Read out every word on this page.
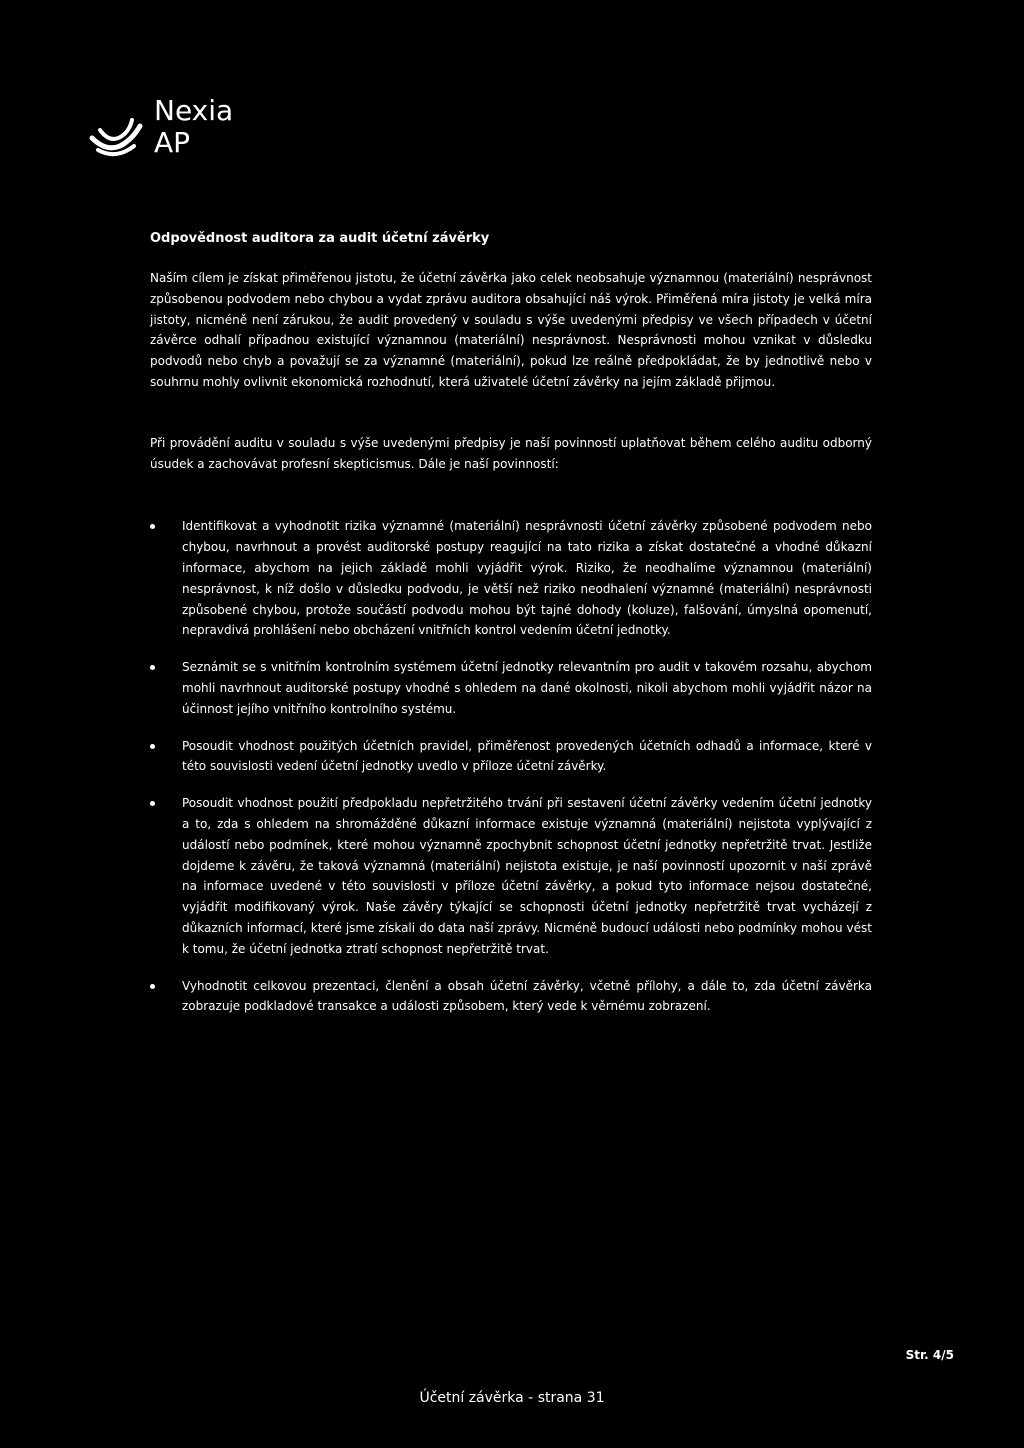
Nexia
AP
Odpovědnost auditora za audit účetní závěrky

Naším cílem je získat přiměřenou jistotu, že účetní závěrka jako celek neobsahuje významnou (materiální) nesprávnost způsobenou podvodem nebo chybou a vydat zprávu auditora obsahující náš výrok. Přiměřená míra jistoty je velká míra jistoty, nicméně není zárukou, že audit provedený v souladu s výše uvedenými předpisy ve všech případech v účetní závěrce odhalí případnou existující významnou (materiální) nesprávnost. Nesprávnosti mohou vznikat v důsledku podvodů nebo chyb a považují se za významné (materiální), pokud lze reálně předpokládat, že by jednotlivě nebo v souhrnu mohly ovlivnit ekonomická rozhodnutí, která uživatelé účetní závěrky na jejím základě přijmou.

Při provádění auditu v souladu s výše uvedenými předpisy je naší povinností uplatňovat během celého auditu odborný úsudek a zachovávat profesní skepticismus. Dále je naší povinností:

Identifikovat a vyhodnotit rizika významné (materiální) nesprávnosti účetní závěrky způsobené podvodem nebo chybou, navrhnout a provést auditorské postupy reagující na tato rizika a získat dostatečné a vhodné důkazní informace, abychom na jejich základě mohli vyjádřit výrok. Riziko, že neodhalíme významnou (materiální) nesprávnost, k níž došlo v důsledku podvodu, je větší než riziko neodhalení významné (materiální) nesprávnosti způsobené chybou, protože součástí podvodu mohou být tajné dohody (koluze), falšování, úmyslná opomenutí, nepravdivá prohlášení nebo obcházení vnitřních kontrol vedením účetní jednotky.
Seznámit se s vnitřním kontrolním systémem účetní jednotky relevantním pro audit v takovém rozsahu, abychom mohli navrhnout auditorské postupy vhodné s ohledem na dané okolnosti, nikoli abychom mohli vyjádřit názor na účinnost jejího vnitřního kontrolního systému.
Posoudit vhodnost použitých účetních pravidel, přiměřenost provedených účetních odhadů a informace, které v této souvislosti vedení účetní jednotky uvedlo v příloze účetní závěrky.
Posoudit vhodnost použití předpokladu nepřetržitého trvání při sestavení účetní závěrky vedením účetní jednotky a to, zda s ohledem na shromážděné důkazní informace existuje významná (materiální) nejistota vyplývající z událostí nebo podmínek, které mohou významně zpochybnit schopnost účetní jednotky nepřetržitě trvat. Jestliže dojdeme k závěru, že taková významná (materiální) nejistota existuje, je naší povinností upozornit v naší zprávě na informace uvedené v této souvislosti v příloze účetní závěrky, a pokud tyto informace nejsou dostatečné, vyjádřit modifikovaný výrok. Naše závěry týkající se schopnosti účetní jednotky nepřetržitě trvat vycházejí z důkazních informací, které jsme získali do data naší zprávy. Nicméně budoucí události nebo podmínky mohou vést k tomu, že účetní jednotka ztratí schopnost nepřetržitě trvat.
Vyhodnotit celkovou prezentaci, členění a obsah účetní závěrky, včetně přílohy, a dále to, zda účetní závěrka zobrazuje podkladové transakce a události způsobem, který vede k věrnému zobrazení.
Str. 4/5
Účetní závěrka - strana 31
